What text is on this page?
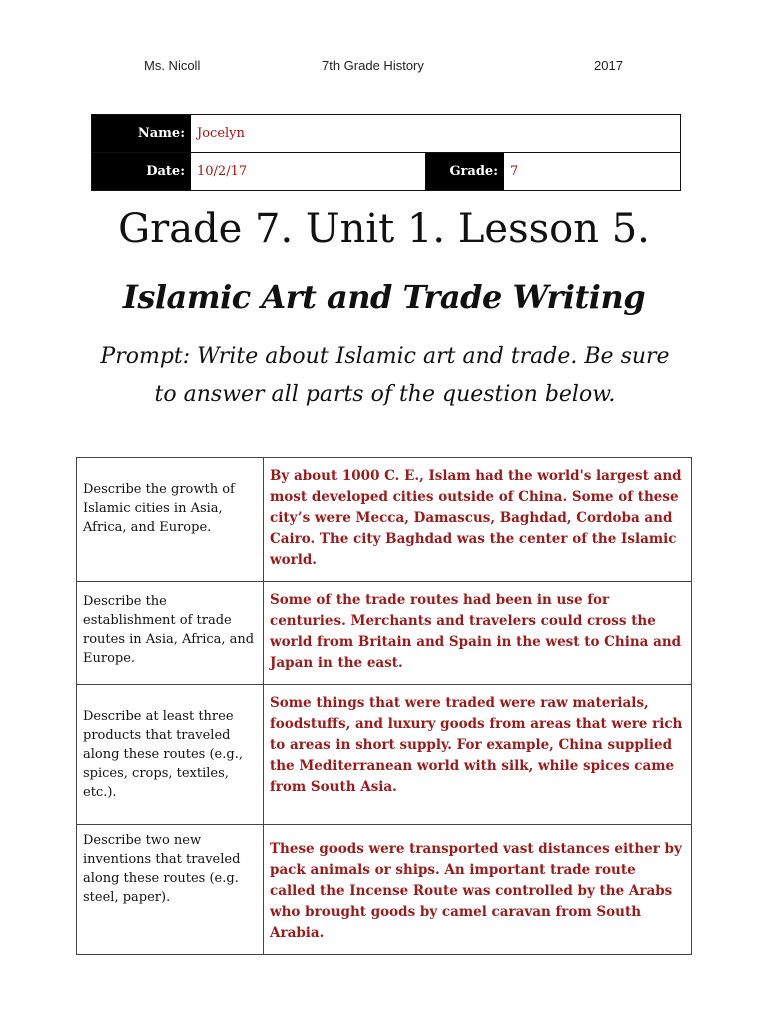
Ms. Nicoll	7th Grade History	2017
Name: Jocelyn
Date: 10/2/17	Grade: 7
Grade 7. Unit 1. Lesson 5.
Islamic Art and Trade Writing
Prompt: Write about Islamic art and trade. Be sure to answer all parts of the question below.
Describe the growth of Islamic cities in Asia, Africa, and Europe.	By about 1000 C. E., Islam had the world's largest and most developed cities outside of China. Some of these city’s were Mecca, Damascus, Baghdad, Cordoba and Cairo. The city Baghdad was the center of the Islamic world.
Describe the establishment of trade routes in Asia, Africa, and Europe.	Some of the trade routes had been in use for centuries. Merchants and travelers could cross the world from Britain and Spain in the west to China and Japan in the east.
Describe at least three products that traveled along these routes (e.g., spices, crops, textiles, etc.).	Some things that were traded were raw materials, foodstuffs, and luxury goods from areas that were rich to areas in short supply. For example, China supplied the Mediterranean world with silk, while spices came from South Asia.
Describe two new inventions that traveled along these routes (e.g. steel, paper).	These goods were transported vast distances either by pack animals or ships. An important trade route called the Incense Route was controlled by the Arabs who brought goods by camel caravan from South Arabia.
